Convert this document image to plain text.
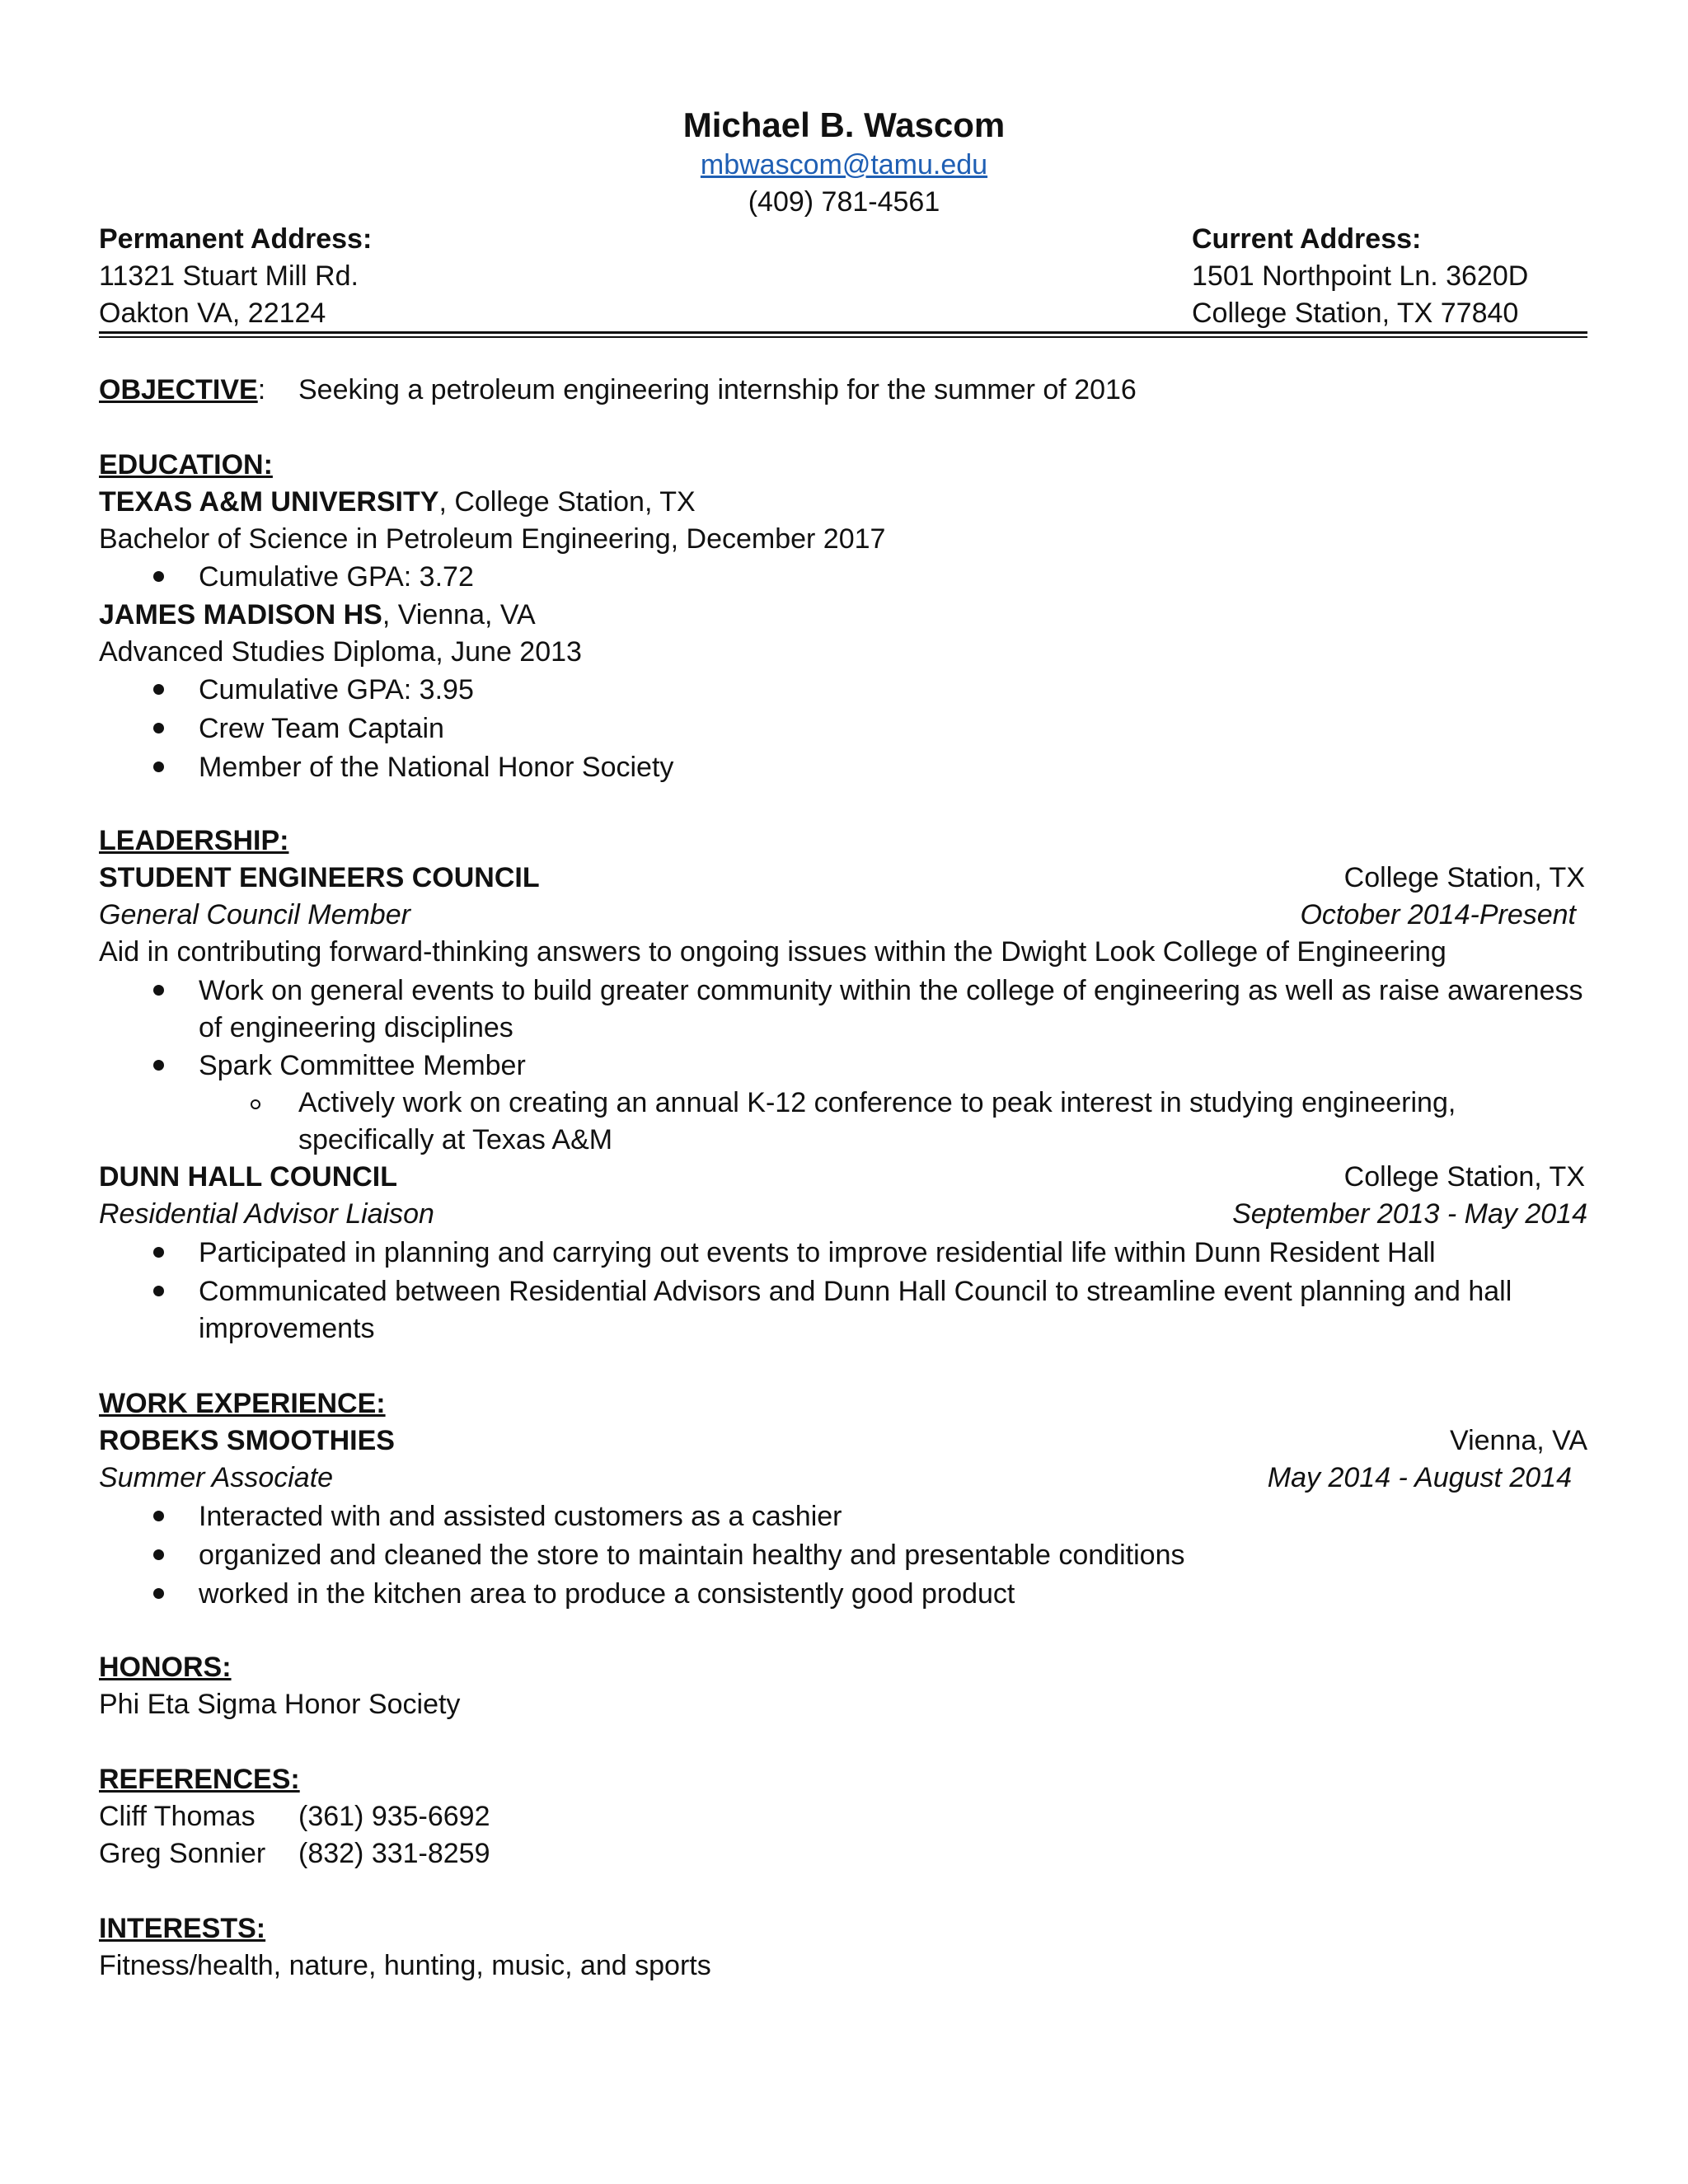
Michael B. Wascom
mbwascom@tamu.edu
(409) 781-4561
Permanent Address:
11321 Stuart Mill Rd.
Oakton VA, 22124
Current Address:
1501 Northpoint Ln. 3620D
College Station, TX 77840
OBJECTIVE: Seeking a petroleum engineering internship for the summer of 2016
EDUCATION:
TEXAS A&M UNIVERSITY, College Station, TX
Bachelor of Science in Petroleum Engineering, December 2017
Cumulative GPA: 3.72
JAMES MADISON HS, Vienna, VA
Advanced Studies Diploma, June 2013
Cumulative GPA: 3.95
Crew Team Captain
Member of the National Honor Society
LEADERSHIP:
STUDENT ENGINEERS COUNCIL	College Station, TX
General Council Member	October 2014-Present
Aid in contributing forward-thinking answers to ongoing issues within the Dwight Look College of Engineering
Work on general events to build greater community within the college of engineering as well as raise awareness
of engineering disciplines
Spark Committee Member
Actively work on creating an annual K-12 conference to peak interest in studying engineering,
specifically at Texas A&M
DUNN HALL COUNCIL	College Station, TX
Residential Advisor Liaison	September 2013 - May 2014
Participated in planning and carrying out events to improve residential life within Dunn Resident Hall
Communicated between Residential Advisors and Dunn Hall Council to streamline event planning and hall
improvements
WORK EXPERIENCE:
ROBEKS SMOOTHIES	Vienna, VA
Summer Associate	May 2014 - August 2014
Interacted with and assisted customers as a cashier
organized and cleaned the store to maintain healthy and presentable conditions
worked in the kitchen area to produce a consistently good product
HONORS:
Phi Eta Sigma Honor Society
REFERENCES:
Cliff Thomas (361) 935-6692
Greg Sonnier (832) 331-8259
INTERESTS:
Fitness/health, nature, hunting, music, and sports
